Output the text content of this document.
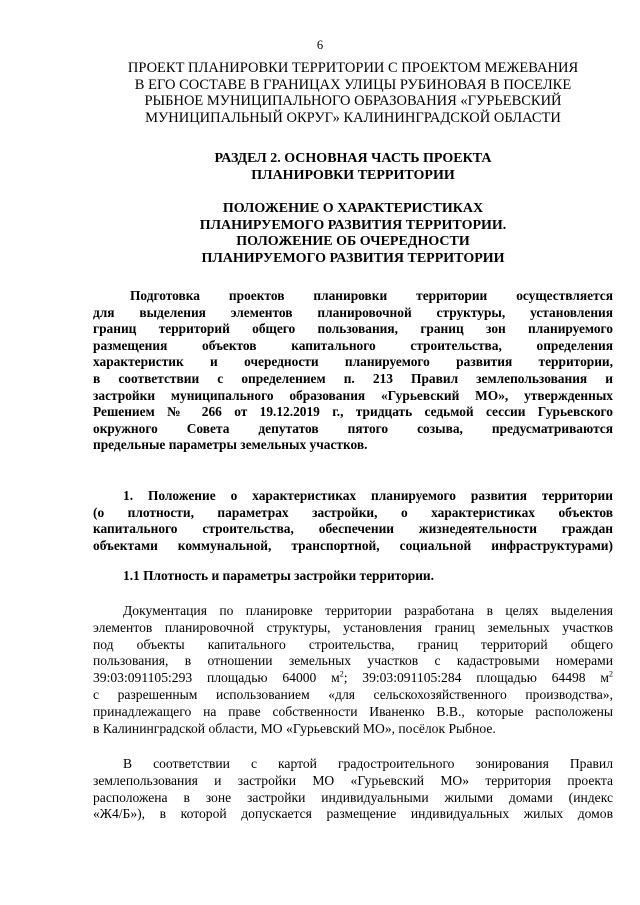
6
ПРОЕКТ ПЛАНИРОВКИ ТЕРРИТОРИИ С ПРОЕКТОМ МЕЖЕВАНИЯ
В ЕГО СОСТАВЕ В ГРАНИЦАХ УЛИЦЫ РУБИНОВАЯ В ПОСЕЛКЕ
РЫБНОЕ МУНИЦИПАЛЬНОГО ОБРАЗОВАНИЯ «ГУРЬЕВСКИЙ
МУНИЦИПАЛЬНЫЙ ОКРУГ» КАЛИНИНГРАДСКОЙ ОБЛАСТИ
РАЗДЕЛ 2. ОСНОВНАЯ ЧАСТЬ ПРОЕКТА
ПЛАНИРОВКИ ТЕРРИТОРИИ
ПОЛОЖЕНИЕ О ХАРАКТЕРИСТИКАХ
ПЛАНИРУЕМОГО РАЗВИТИЯ ТЕРРИТОРИИ.
ПОЛОЖЕНИЕ ОБ ОЧЕРЕДНОСТИ
ПЛАНИРУЕМОГО РАЗВИТИЯ ТЕРРИТОРИИ
Подготовка проектов планировки территории осуществляется
для выделения элементов планировочной структуры, установления
границ территорий общего пользования, границ зон планируемого
размещения объектов капитального строительства, определения
характеристик и очередности планируемого развития территории,
в соответствии с определением п. 213 Правил землепользования и
застройки муниципального образования «Гурьевский МО», утвержденных
Решением № 266 от 19.12.2019 г., тридцать седьмой сессии Гурьевского
окружного Совета депутатов пятого созыва, предусматриваются
предельные параметры земельных участков.
1. Положение о характеристиках планируемого развития территории
(о плотности, параметрах застройки, о характеристиках объектов
капитального строительства, обеспечении жизнедеятельности граждан
объектами коммунальной, транспортной, социальной инфраструктурами)
1.1 Плотность и параметры застройки территории.
Документация по планировке территории разработана в целях выделения
элементов планировочной структуры, установления границ земельных участков
под объекты капитального строительства, границ территорий общего
пользования, в отношении земельных участков с кадастровыми номерами
39:03:091105:293 площадью 64000 $м^2$; 39:03:091105:284 площадью 64498 $м^2$
с разрешенным использованием «для сельскохозяйственного производства»,
принадлежащего на праве собственности Иваненко В.В., которые расположены
в Калининградской области, МО «Гурьевский МО», посёлок Рыбное.
В соответствии с картой градостроительного зонирования Правил
землепользования и застройки МО «Гурьевский МО» территория проекта
расположена в зоне застройки индивидуальными жилыми домами (индекс
«Ж4/Б»), в которой допускается размещение индивидуальных жилых домов
